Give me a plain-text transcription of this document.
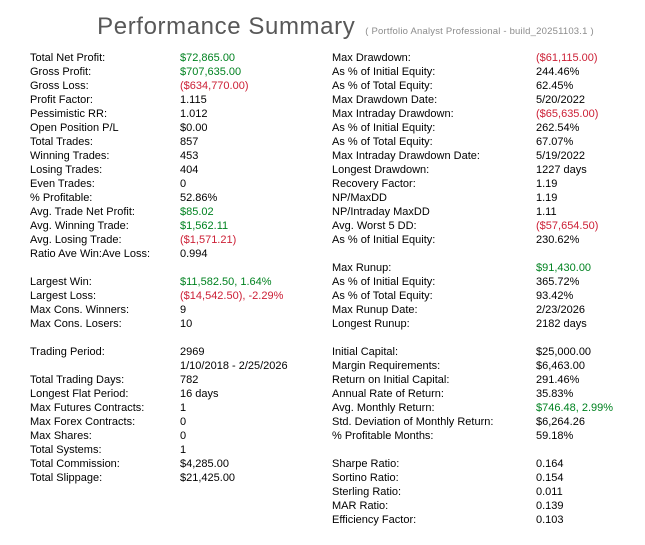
Performance Summary ( Portfolio Analyst Professional - build_20251103.1 )
Total Net Profit:	$72,865.00	Max Drawdown:	($61,115.00)
Gross Profit:	$707,635.00	As % of Initial Equity:	244.46%
Gross Loss:	($634,770.00)	As % of Total Equity:	62.45%
Profit Factor:	1.115	Max Drawdown Date:	5/20/2022
Pessimistic RR:	1.012	Max Intraday Drawdown:	($65,635.00)
Open Position P/L	$0.00	As % of Initial Equity:	262.54%
Total Trades:	857	As % of Total Equity:	67.07%
Winning Trades:	453	Max Intraday Drawdown Date:	5/19/2022
Losing Trades:	404	Longest Drawdown:	1227 days
Even Trades:	0	Recovery Factor:	1.19
% Profitable:	52.86%	NP/MaxDD	1.19
Avg. Trade Net Profit:	$85.02	NP/Intraday MaxDD	1.11
Avg. Winning Trade:	$1,562.11	Avg. Worst 5 DD:	($57,654.50)
Avg. Losing Trade:	($1,571.21)	As % of Initial Equity:	230.62%
Ratio Ave Win:Ave Loss:	0.994
Max Runup:	$91,430.00
Largest Win:	$11,582.50, 1.64%	As % of Initial Equity:	365.72%
Largest Loss:	($14,542.50), -2.29%	As % of Total Equity:	93.42%
Max Cons. Winners:	9	Max Runup Date:	2/23/2026
Max Cons. Losers:	10	Longest Runup:	2182 days
Trading Period:	2969	Initial Capital:	$25,000.00
1/10/2018 - 2/25/2026	Margin Requirements:	$6,463.00
Total Trading Days:	782	Return on Initial Capital:	291.46%
Longest Flat Period:	16 days	Annual Rate of Return:	35.83%
Max Futures Contracts:	1	Avg. Monthly Return:	$746.48, 2.99%
Max Forex Contracts:	0	Std. Deviation of Monthly Return:	$6,264.26
Max Shares:	0	% Profitable Months:	59.18%
Total Systems:	1
Total Commission:	$4,285.00	Sharpe Ratio:	0.164
Total Slippage:	$21,425.00	Sortino Ratio:	0.154
Sterling Ratio:	0.011
MAR Ratio:	0.139
Efficiency Factor:	0.103
